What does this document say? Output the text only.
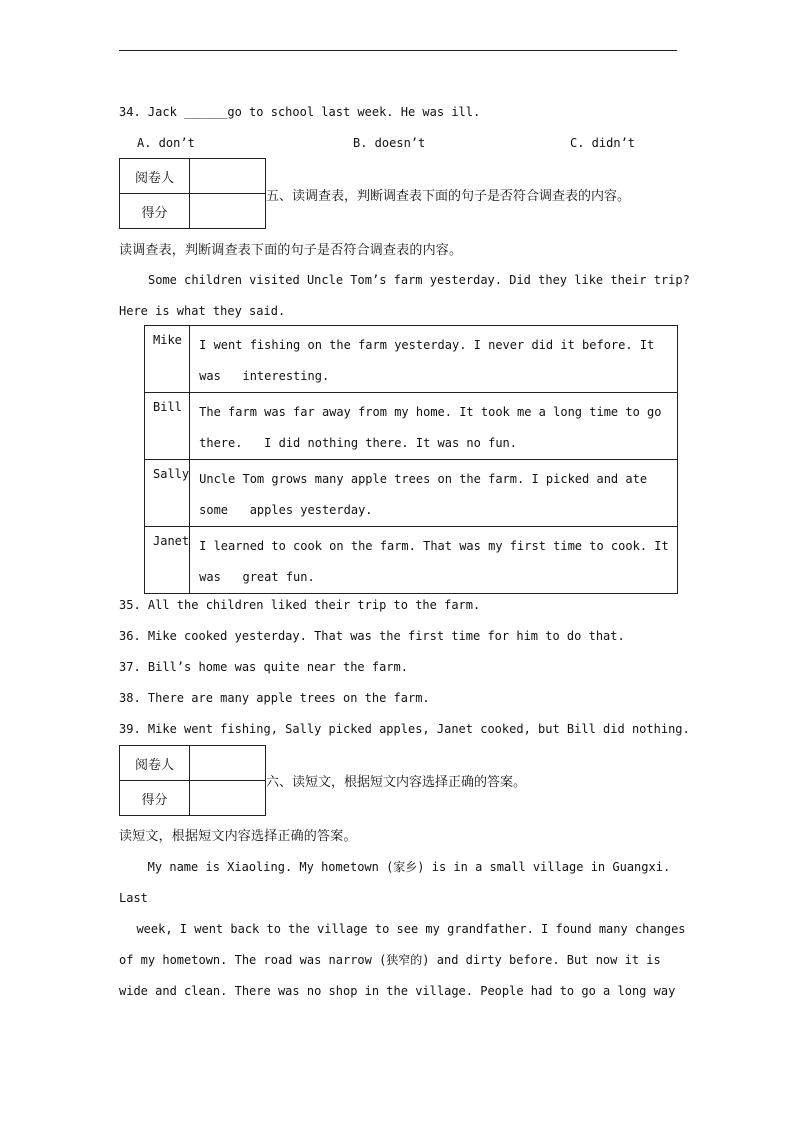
34. Jack ______go to school last week. He was ill.
A. don’t	B. doesn’t	C. didn’t
阅卷人	
得分	
五、读调查表，判断调查表下面的句子是否符合调查表的内容。
读调查表，判断调查表下面的句子是否符合调查表的内容。
Some children visited Uncle Tom’s farm yesterday. Did they like their trip?
Here is what they said.
Mike	I went fishing on the farm yesterday. I never did it before. It
was   interesting.

Bill	The farm was far away from my home. It took me a long time to go
there.   I did nothing there. It was no fun.

Sally	Uncle Tom grows many apple trees on the farm. I picked and ate
some   apples yesterday.

Janet	I learned to cook on the farm. That was my first time to cook. It
was   great fun.
35. All the children liked their trip to the farm.
36. Mike cooked yesterday. That was the first time for him to do that.
37. Bill’s home was quite near the farm.
38. There are many apple trees on the farm.
39. Mike went fishing, Sally picked apples, Janet cooked, but Bill did nothing.
阅卷人	
得分	
六、读短文，根据短文内容选择正确的答案。
读短文，根据短文内容选择正确的答案。
My name is Xiaoling. My hometown (家乡) is in a small village in Guangxi.
Last
week, I went back to the village to see my grandfather. I found many changes
of my hometown. The road was narrow (狭窄的) and dirty before. But now it is
wide and clean. There was no shop in the village. People had to go a long way
